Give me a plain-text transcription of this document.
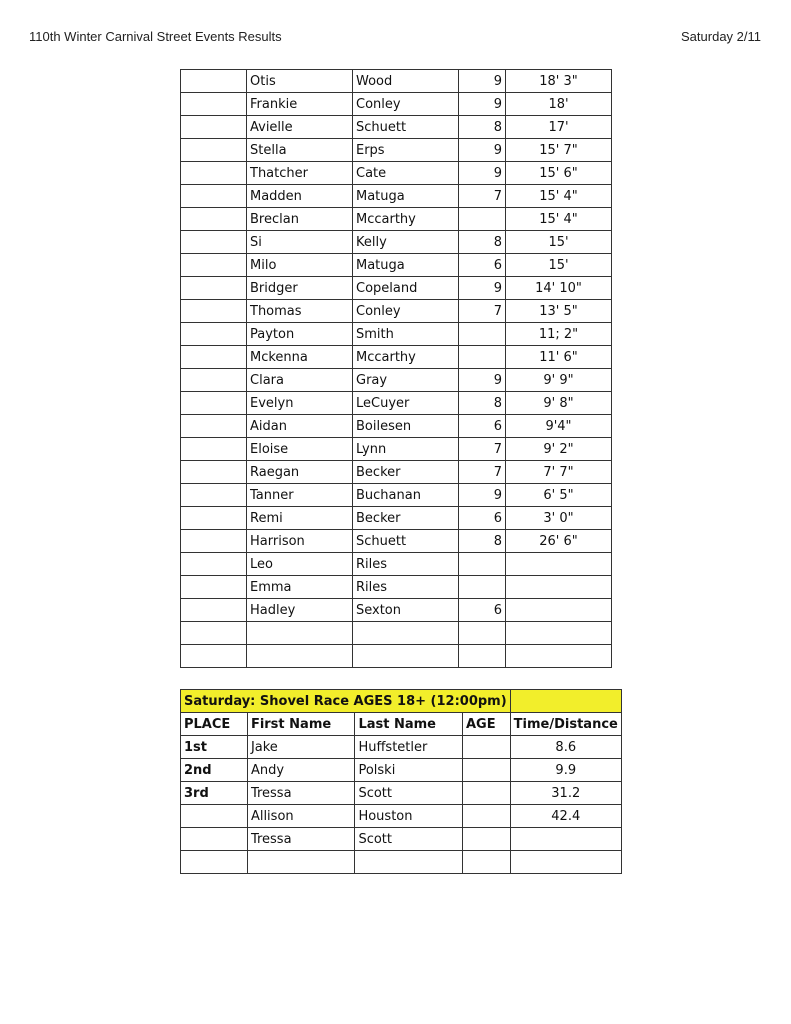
110th Winter Carnival Street Events Results	Saturday 2/11
	Otis	Wood	9	18' 3"
	Frankie	Conley	9	18'
	Avielle	Schuett	8	17'
	Stella	Erps	9	15' 7"
	Thatcher	Cate	9	15' 6"
	Madden	Matuga	7	15' 4"
	Breclan	Mccarthy		15' 4"
	Si	Kelly	8	15'
	Milo	Matuga	6	15'
	Bridger	Copeland	9	14' 10"
	Thomas	Conley	7	13' 5"
	Payton	Smith		11; 2"
	Mckenna	Mccarthy		11' 6"
	Clara	Gray	9	9' 9"
	Evelyn	LeCuyer	8	9' 8"
	Aidan	Boilesen	6	9'4"
	Eloise	Lynn	7	9' 2"
	Raegan	Becker	7	7' 7"
	Tanner	Buchanan	9	6' 5"
	Remi	Becker	6	3' 0"
	Harrison	Schuett	8	26' 6"
	Leo	Riles		
	Emma	Riles		
	Hadley	Sexton	6	

Saturday: Shovel Race AGES 18+ (12:00pm)				
PLACE	First Name	Last Name	AGE	Time/Distance
1st	Jake	Huffstetler		8.6
2nd	Andy	Polski		9.9
3rd	Tressa	Scott		31.2
	Allison	Houston		42.4
	Tressa	Scott		
